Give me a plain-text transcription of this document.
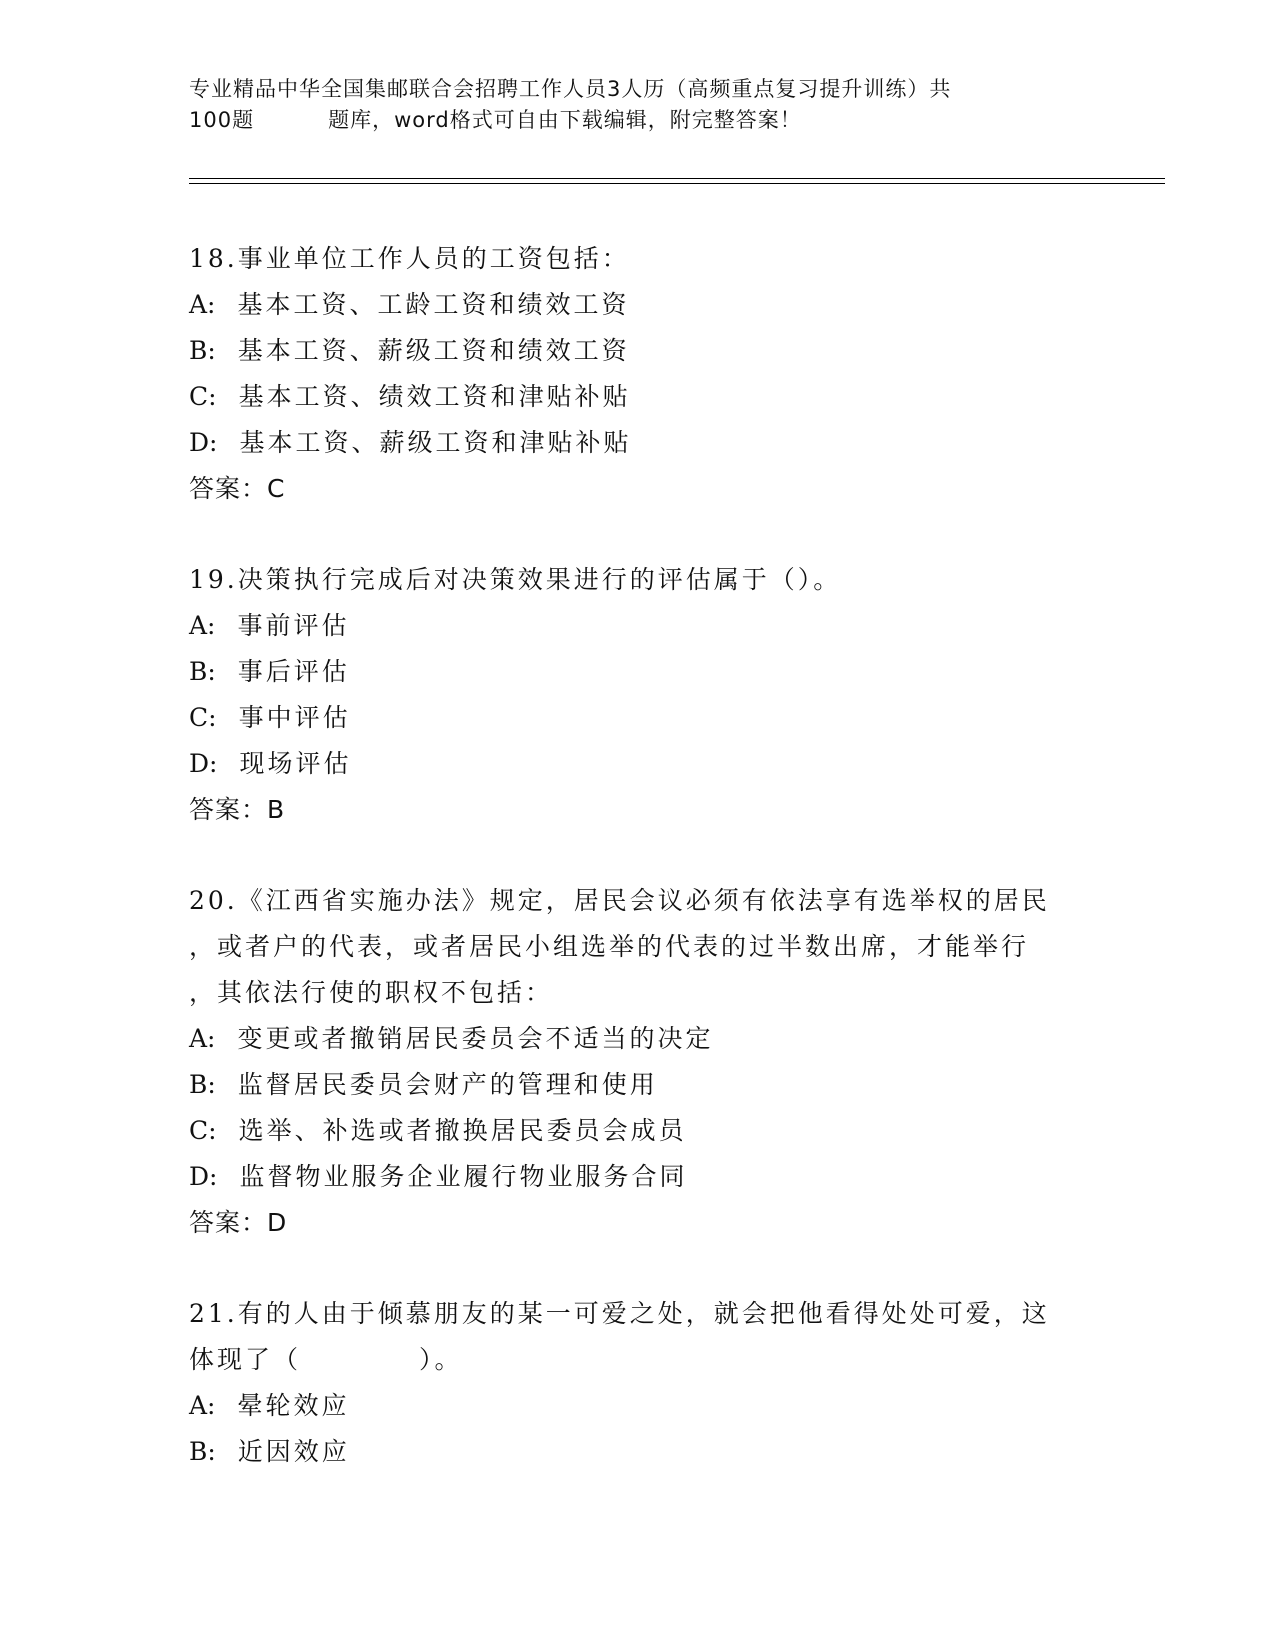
专业精品中华全国集邮联合会招聘工作人员3人历（高频重点复习提升训练）共
100题	题库，word格式可自由下载编辑，附完整答案！
18.事业单位工作人员的工资包括：
A: 基本工资、工龄工资和绩效工资
B: 基本工资、薪级工资和绩效工资
C: 基本工资、绩效工资和津贴补贴
D: 基本工资、薪级工资和津贴补贴
答案：C
19.决策执行完成后对决策效果进行的评估属于（）。
A: 事前评估
B: 事后评估
C: 事中评估
D: 现场评估
答案：B
20.《江西省实施办法》规定，居民会议必须有依法享有选举权的居民
，或者户的代表，或者居民小组选举的代表的过半数出席，才能举行
，其依法行使的职权不包括：
A: 变更或者撤销居民委员会不适当的决定
B: 监督居民委员会财产的管理和使用
C: 选举、补选或者撤换居民委员会成员
D: 监督物业服务企业履行物业服务合同
答案：D
21.有的人由于倾慕朋友的某一可爱之处，就会把他看得处处可爱，这
体现了（	）。
A: 晕轮效应
B: 近因效应
